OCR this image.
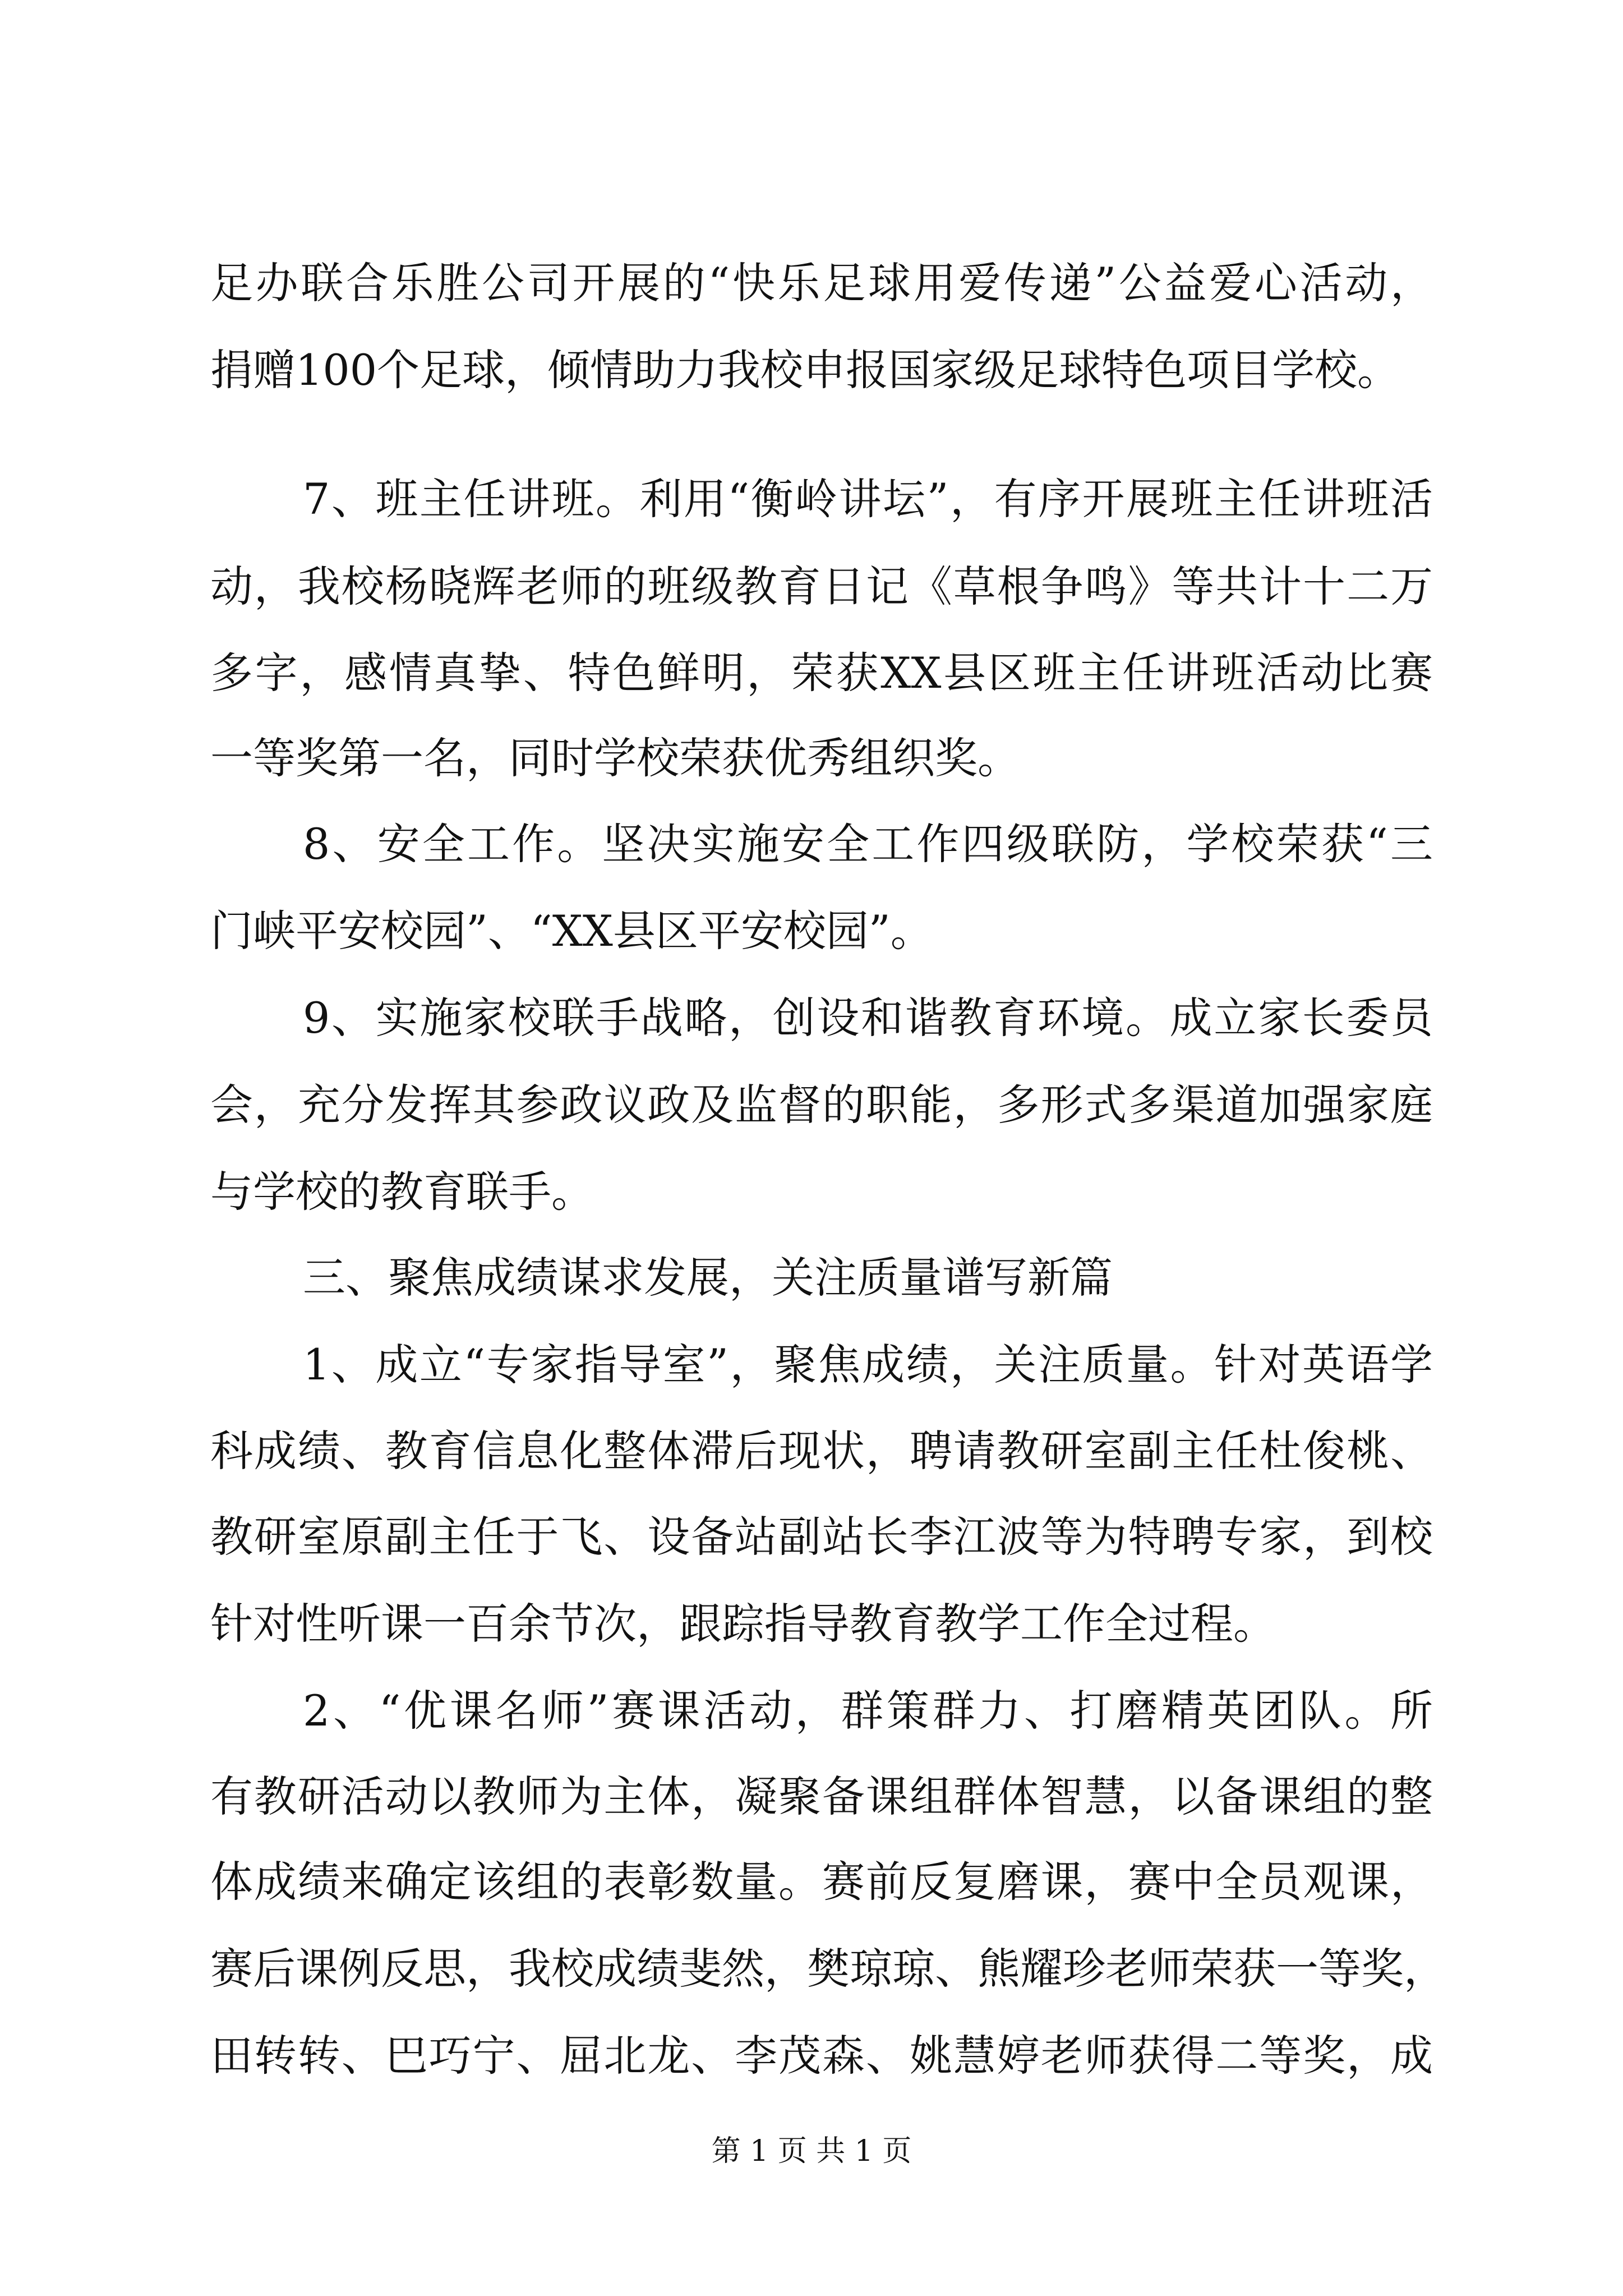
足办联合乐胜公司开展的“快乐足球用爱传递”公益爱心活动，
捐赠100个足球，倾情助力我校申报国家级足球特色项目学校。
7、班主任讲班。利用“衡岭讲坛”，有序开展班主任讲班活
动，我校杨晓辉老师的班级教育日记《草根争鸣》等共计十二万
多字，感情真挚、特色鲜明，荣获XX县区班主任讲班活动比赛
一等奖第一名，同时学校荣获优秀组织奖。
8、安全工作。坚决实施安全工作四级联防，学校荣获“三
门峡平安校园”、“XX县区平安校园”。
9、实施家校联手战略，创设和谐教育环境。成立家长委员
会，充分发挥其参政议政及监督的职能，多形式多渠道加强家庭
与学校的教育联手。
三、聚焦成绩谋求发展，关注质量谱写新篇
1、成立“专家指导室”，聚焦成绩，关注质量。针对英语学
科成绩、教育信息化整体滞后现状，聘请教研室副主任杜俊桃、
教研室原副主任于飞、设备站副站长李江波等为特聘专家，到校
针对性听课一百余节次，跟踪指导教育教学工作全过程。
2、“优课名师”赛课活动，群策群力、打磨精英团队。所
有教研活动以教师为主体，凝聚备课组群体智慧，以备课组的整
体成绩来确定该组的表彰数量。赛前反复磨课，赛中全员观课，
赛后课例反思，我校成绩斐然，樊琼琼、熊耀珍老师荣获一等奖，
田转转、巴巧宁、屈北龙、李茂森、姚慧婷老师获得二等奖，成
第 1 页 共 1 页
